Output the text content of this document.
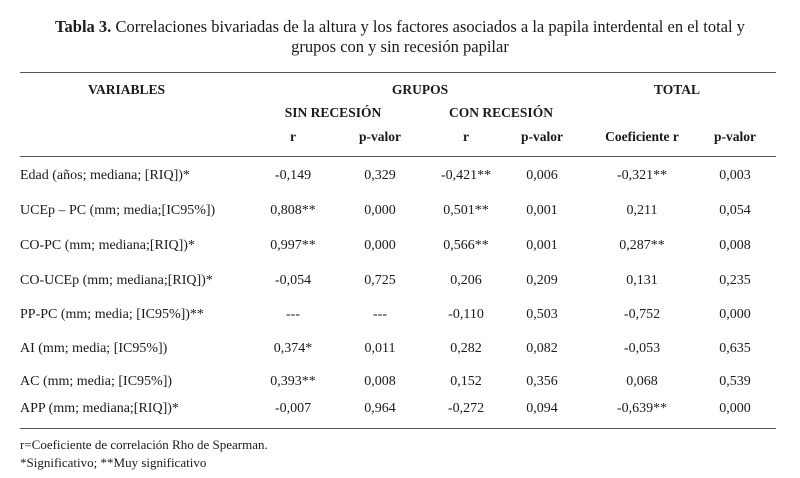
Tabla 3. Correlaciones bivariadas de la altura y los factores asociados a la papila interdental en el total y
grupos con y sin recesión papilar
VARIABLES	GRUPOS	TOTAL
SIN RECESIÓN	CON RECESIÓN
r	p-valor	r	p-valor	Coeficiente r	p-valor
Edad (años; mediana; [RIQ])*	-0,149	0,329	-0,421**	0,006	-0,321**	0,003
UCEp – PC (mm; media;[IC95%])	0,808**	0,000	0,501**	0,001	0,211	0,054
CO-PC (mm; mediana;[RIQ])*	0,997**	0,000	0,566**	0,001	0,287**	0,008
CO-UCEp (mm; mediana;[RIQ])*	-0,054	0,725	0,206	0,209	0,131	0,235
PP-PC (mm; media; [IC95%])**	---	---	-0,110	0,503	-0,752	0,000
AI (mm; media; [IC95%])	0,374*	0,011	0,282	0,082	-0,053	0,635
AC (mm; media; [IC95%])	0,393**	0,008	0,152	0,356	0,068	0,539
APP (mm; mediana;[RIQ])*	-0,007	0,964	-0,272	0,094	-0,639**	0,000
r=Coeficiente de correlación Rho de Spearman.
*Significativo; **Muy significativo
